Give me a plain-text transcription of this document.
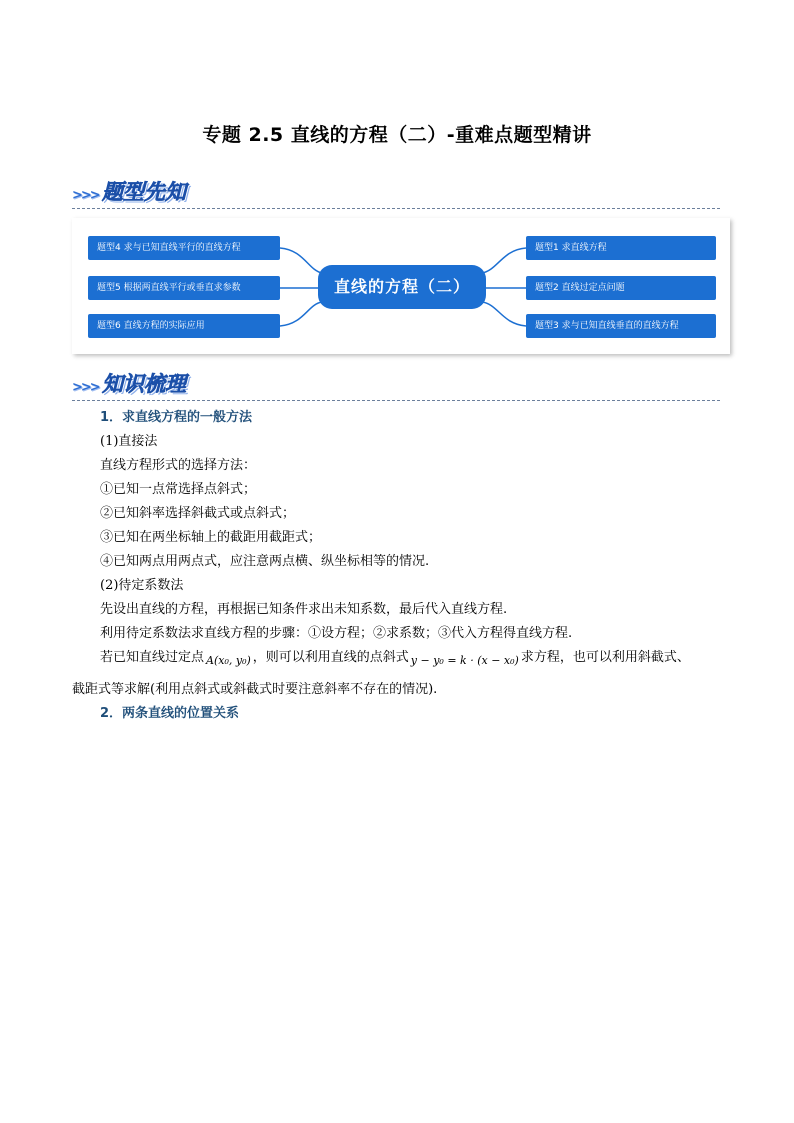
专题 2.5 直线的方程（二）-重难点题型精讲
>>> 题型先知
题型4 求与已知直线平行的直线方程
题型5 根据两直线平行或垂直求参数
题型6 直线方程的实际应用
直线的方程（二）
题型1 求直线方程
题型2 直线过定点问题
题型3 求与已知直线垂直的直线方程
>>> 知识梳理
1．求直线方程的一般方法
(1)直接法
直线方程形式的选择方法：
①已知一点常选择点斜式；
②已知斜率选择斜截式或点斜式；
③已知在两坐标轴上的截距用截距式；
④已知两点用两点式，应注意两点横、纵坐标相等的情况.
(2)待定系数法
先设出直线的方程，再根据已知条件求出未知系数，最后代入直线方程.
利用待定系数法求直线方程的步骤：①设方程；②求系数；③代入方程得直线方程.
若已知直线过定点 A(x₀, y₀) ，则可以利用直线的点斜式 y − y₀ = k · (x − x₀) 求方程，也可以利用斜截式、
截距式等求解(利用点斜式或斜截式时要注意斜率不存在的情况).
2．两条直线的位置关系
